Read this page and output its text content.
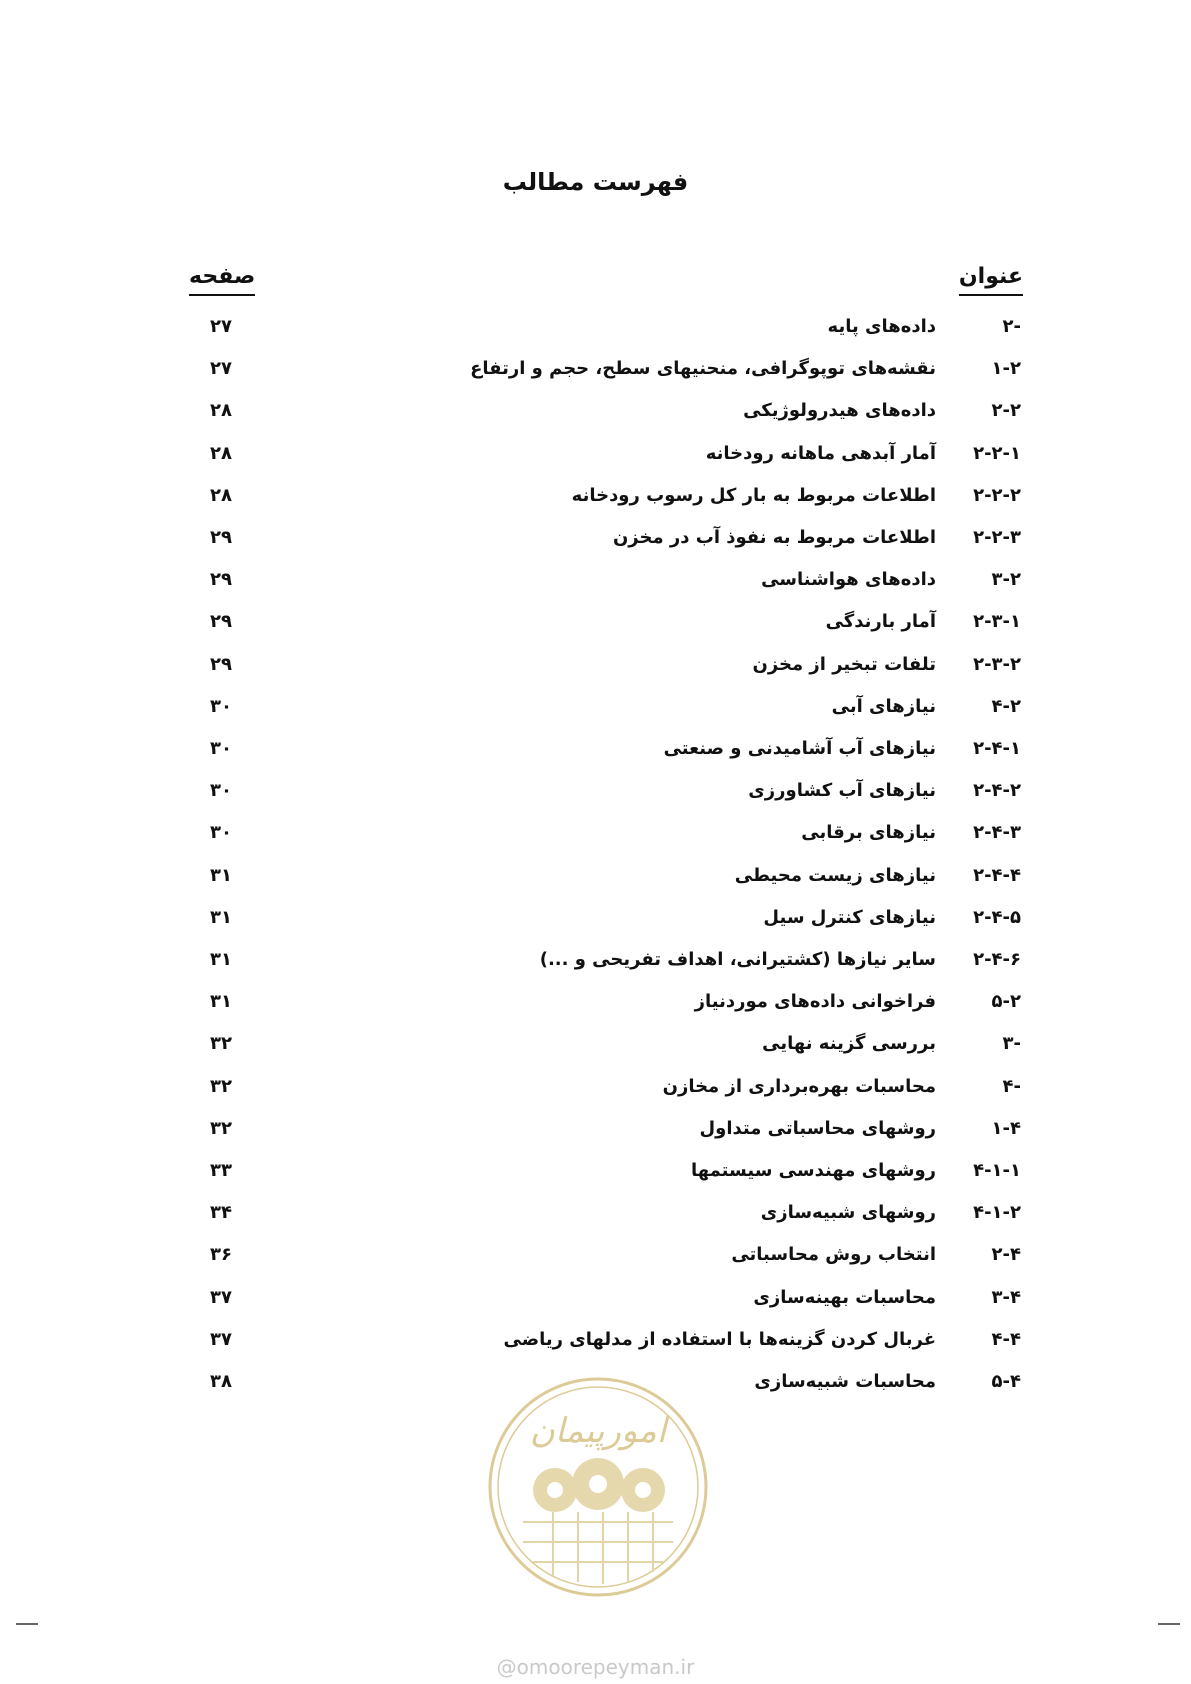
فهرست مطالب
عنوان
صفحه
-۲
داده‌های پایه
۲۷
۱-۲
نقشه‌های توپوگرافی، منحنیهای سطح، حجم و ارتفاع
۲۷
۲-۲
داده‌های هیدرولوژیکی
۲۸
۲-۲-۱
آمار آبدهی ماهانه رودخانه
۲۸
۲-۲-۲
اطلاعات مربوط به بار کل رسوب رودخانه
۲۸
۲-۲-۳
اطلاعات مربوط به نفوذ آب در مخزن
۲۹
۳-۲
داده‌های هواشناسی
۲۹
۲-۳-۱
آمار بارندگی
۲۹
۲-۳-۲
تلفات تبخیر از مخزن
۲۹
۴-۲
نیازهای آبی
۳۰
۲-۴-۱
نیازهای آب آشامیدنی و صنعتی
۳۰
۲-۴-۲
نیازهای آب کشاورزی
۳۰
۲-۴-۳
نیازهای برقابی
۳۰
۲-۴-۴
نیازهای زیست محیطی
۳۱
۲-۴-۵
نیازهای کنترل سیل
۳۱
۲-۴-۶
سایر نیازها (کشتیرانی، اهداف تفریحی و ...)
۳۱
۵-۲
فراخوانی داده‌های موردنیاز
۳۱
-۳
بررسی گزینه نهایی
۳۲
-۴
محاسبات بهره‌برداری از مخازن
۳۲
۱-۴
روشهای محاسباتی متداول
۳۲
۴-۱-۱
روشهای مهندسی سیستمها
۳۳
۴-۱-۲
روشهای شبیه‌سازی
۳۴
۲-۴
انتخاب روش محاسباتی
۳۶
۳-۴
محاسبات بهینه‌سازی
۳۷
۴-۴
غربال کردن گزینه‌ها با استفاده از مدلهای ریاضی
۳۷
۵-۴
محاسبات شبیه‌سازی
۳۸
امورپیمان
@omoorepeyman.ir
